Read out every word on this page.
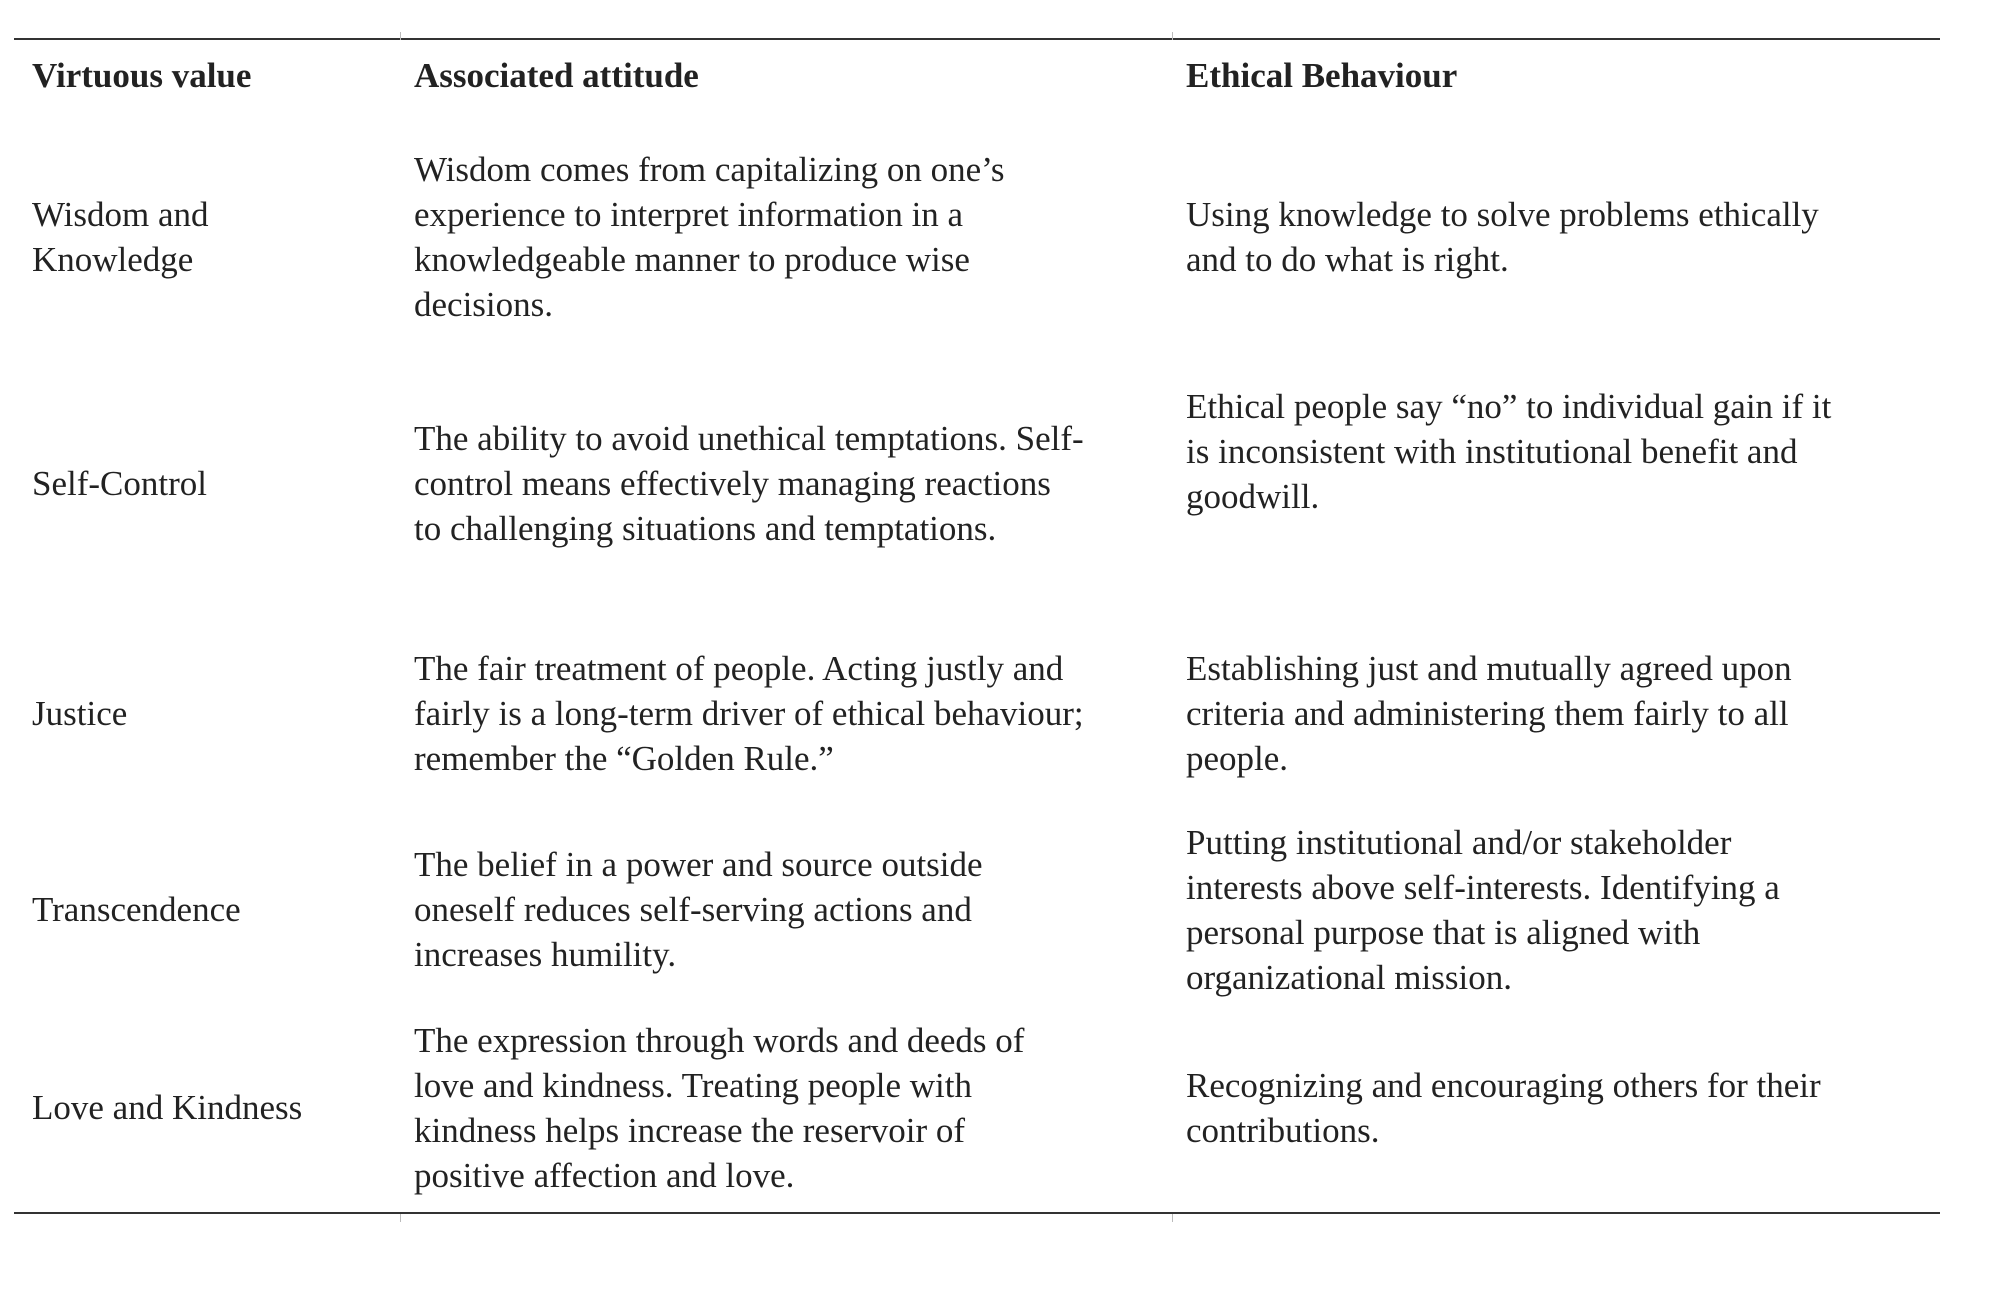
Virtuous value	Associated attitude	Ethical Behaviour
Wisdom and
Knowledge
Wisdom comes from capitalizing on one’s
experience to interpret information in a
knowledgeable manner to produce wise
decisions.
Using knowledge to solve problems ethically
and to do what is right.
Self-Control
The ability to avoid unethical temptations. Self-
control means effectively managing reactions
to challenging situations and temptations.
Ethical people say “no” to individual gain if it
is inconsistent with institutional benefit and
goodwill.
Justice
The fair treatment of people. Acting justly and
fairly is a long-term driver of ethical behaviour;
remember the “Golden Rule.”
Establishing just and mutually agreed upon
criteria and administering them fairly to all
people.
Transcendence
The belief in a power and source outside
oneself reduces self-serving actions and
increases humility.
Putting institutional and/or stakeholder
interests above self-interests. Identifying a
personal purpose that is aligned with
organizational mission.
Love and Kindness
The expression through words and deeds of
love and kindness. Treating people with
kindness helps increase the reservoir of
positive affection and love.
Recognizing and encouraging others for their
contributions.
